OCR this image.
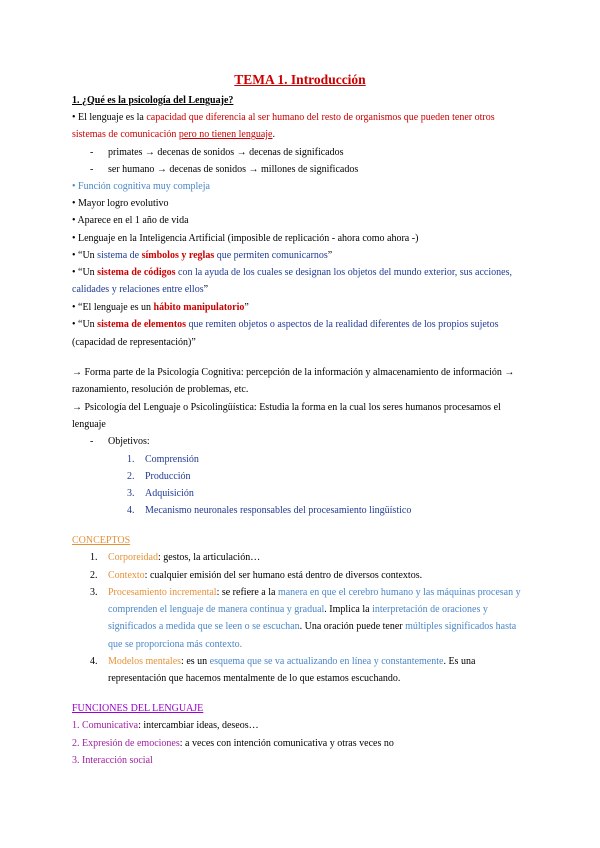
TEMA 1. Introducción
1. ¿Qué es la psicología del Lenguaje?
• El lenguaje es la capacidad que diferencia al ser humano del resto de organismos que pueden tener otros
sistemas de comunicación pero no tienen lenguaje.
- primates → decenas de sonidos → decenas de significados
- ser humano → decenas de sonidos → millones de significados
• Función cognitiva muy compleja
• Mayor logro evolutivo
• Aparece en el 1 año de vida
• Lenguaje en la Inteligencia Artificial (imposible de replicación - ahora como ahora -)
• “Un sistema de símbolos y reglas que permiten comunicarnos”
• “Un sistema de códigos con la ayuda de los cuales se designan los objetos del mundo exterior, sus acciones,
calidades y relaciones entre ellos”
• “El lenguaje es un hábito manipulatorio”
• “Un sistema de elementos que remiten objetos o aspectos de la realidad diferentes de los propios sujetos
(capacidad de representación)”
→ Forma parte de la Psicología Cognitiva: percepción de la información y almacenamiento de información →
razonamiento, resolución de problemas, etc.
→ Psicología del Lenguaje o Psicolingüística: Estudia la forma en la cual los seres humanos procesamos el
lenguaje
- Objetivos:
1. Comprensión
2. Producción
3. Adquisición
4. Mecanismo neuronales responsables del procesamiento lingüístico
CONCEPTOS
1. Corporeidad: gestos, la articulación…
2. Contexto: cualquier emisión del ser humano está dentro de diversos contextos.
3. Procesamiento incremental: se refiere a la manera en que el cerebro humano y las máquinas procesan y
comprenden el lenguaje de manera continua y gradual. Implica la interpretación de oraciones y
significados a medida que se leen o se escuchan. Una oración puede tener múltiples significados hasta
que se proporciona más contexto.
4. Modelos mentales: es un esquema que se va actualizando en línea y constantemente. Es una
representación que hacemos mentalmente de lo que estamos escuchando.
FUNCIONES DEL LENGUAJE
1. Comunicativa: intercambiar ideas, deseos…
2. Expresión de emociones: a veces con intención comunicativa y otras veces no
3. Interacción social
